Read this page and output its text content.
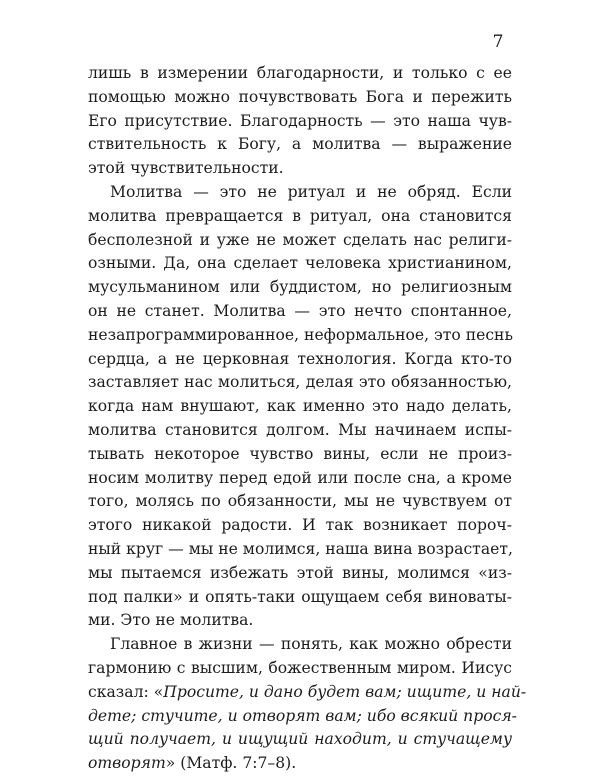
7
лишь в измерении благодарности, и только с ее
помощью можно почувствовать Бога и пережить
Его присутствие. Благодарность — это наша чув-
ствительность к Богу, а молитва — выражение
этой чувствительности.
Молитва — это не ритуал и не обряд. Если
молитва превращается в ритуал, она становится
бесполезной и уже не может сделать нас религи-
озными. Да, она сделает человека христианином,
мусульманином или буддистом, но религиозным
он не станет. Молитва — это нечто спонтанное,
незапрограммированное, неформальное, это песнь
сердца, а не церковная технология. Когда кто-то
заставляет нас молиться, делая это обязанностью,
когда нам внушают, как именно это надо делать,
молитва становится долгом. Мы начинаем испы-
тывать некоторое чувство вины, если не произ-
носим молитву перед едой или после сна, а кроме
того, молясь по обязанности, мы не чувствуем от
этого никакой радости. И так возникает пороч-
ный круг — мы не молимся, наша вина возрастает,
мы пытаемся избежать этой вины, молимся «из-
под палки» и опять-таки ощущаем себя виноваты-
ми. Это не молитва.
Главное в жизни — понять, как можно обрести
гармонию с высшим, божественным миром. Иисус
сказал: «Просите, и дано будет вам; ищите, и най-
дете; стучите, и отворят вам; ибо всякий прося-
щий получает, и ищущий находит, и стучащему
отворят» (Матф. 7:7–8).
